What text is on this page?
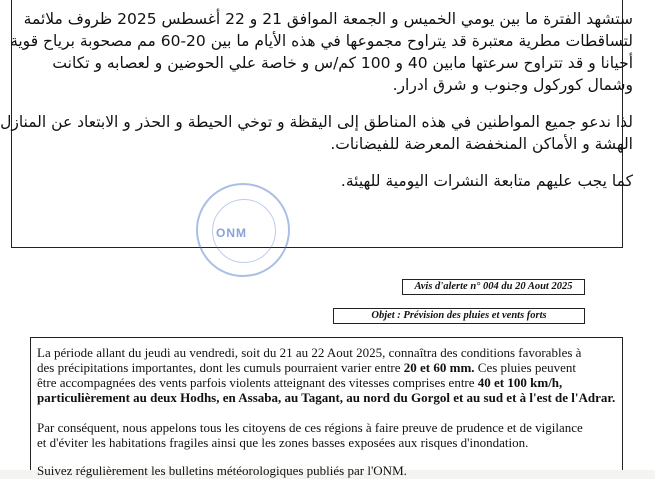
ستشهد الفترة ما بين يومي الخميس و الجمعة الموافق 21 و 22 أغسطس 2025 ظروف ملائمة
لتساقطات مطرية معتبرة قد يتراوح مجموعها في هذه الأيام ما بين 20-60 مم مصحوبة برياح قوية
أحيانا و قد تتراوح سرعتها مابين 40 و 100 كم/س و خاصة علي الحوضين و لعصابه و تكانت
وشمال كوركول وجنوب و شرق ادرار.
لذا ندعو جميع المواطنين في هذه المناطق إلى اليقظة و توخي الحيطة و الحذر و الابتعاد عن المنازل
الهشة و الأماكن المنخفضة المعرضة للفيضانات.
كما يجب عليهم متابعة النشرات اليومية للهيئة.
ONM
Avis d'alerte n° 004 du 20 Aout 2025
Objet : Prévision des pluies et vents forts
La période allant du jeudi au vendredi, soit du 21 au 22 Aout 2025, connaîtra des conditions favorables à
des précipitations importantes, dont les cumuls pourraient varier entre 20 et 60 mm. Ces pluies peuvent
être accompagnées des vents parfois violents atteignant des vitesses comprises entre 40 et 100 km/h,
particulièrement au deux Hodhs, en Assaba, au Tagant, au nord du Gorgol et au sud et à l'est de l'Adrar.
Par conséquent, nous appelons tous les citoyens de ces régions à faire preuve de prudence et de vigilance
et d'éviter les habitations fragiles ainsi que les zones basses exposées aux risques d'inondation.
Suivez régulièrement les bulletins météorologiques publiés par l'ONM.
